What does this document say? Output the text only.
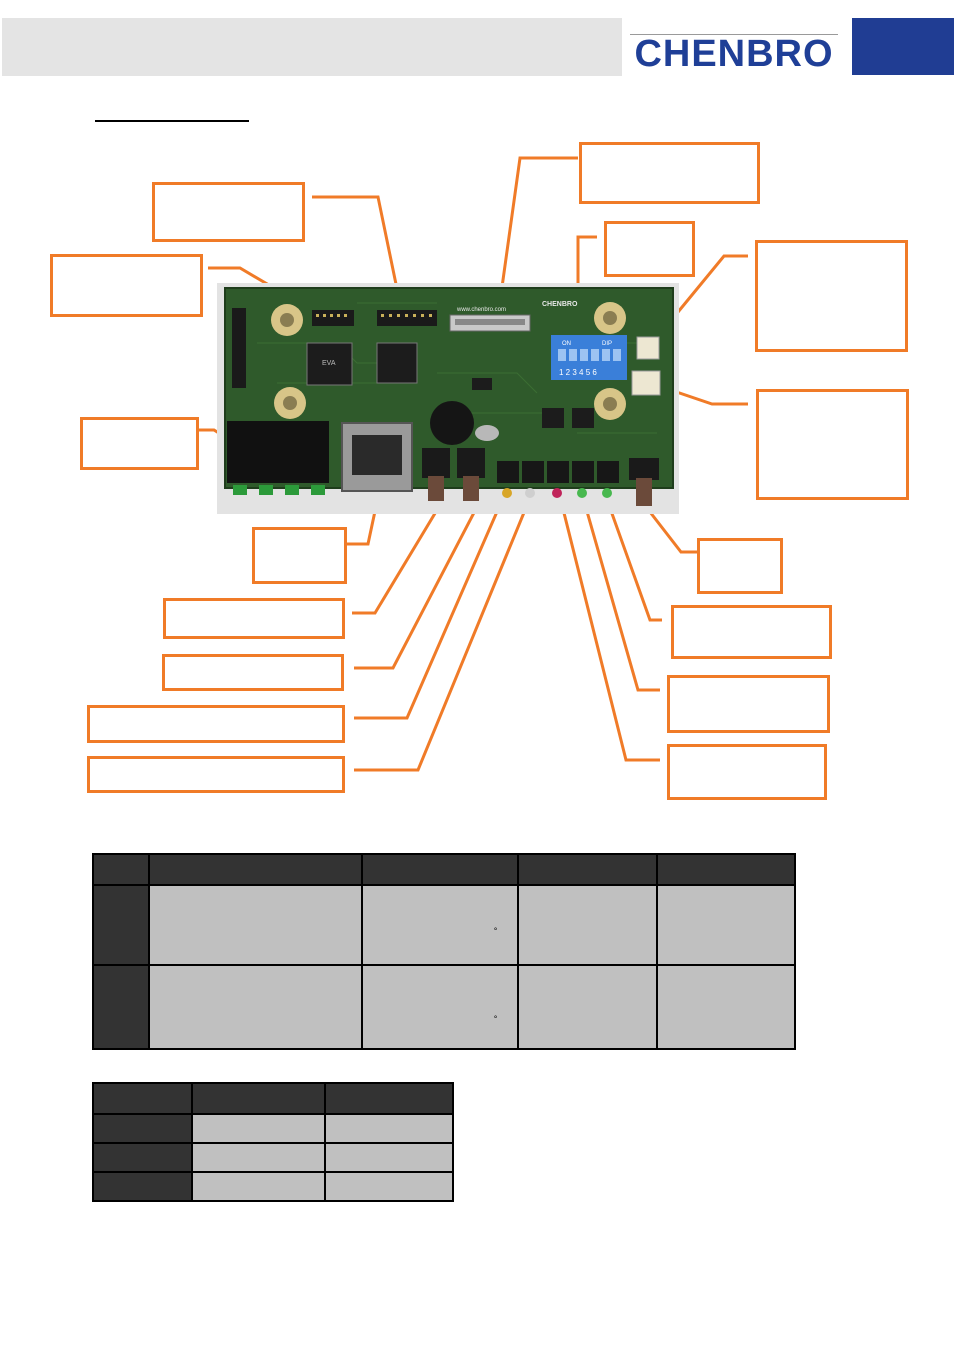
CHENBRO
EVA
CHENBRO
www.chenbro.com
ON	DIP
1 2 3 4 5 6

		°		

		°		
